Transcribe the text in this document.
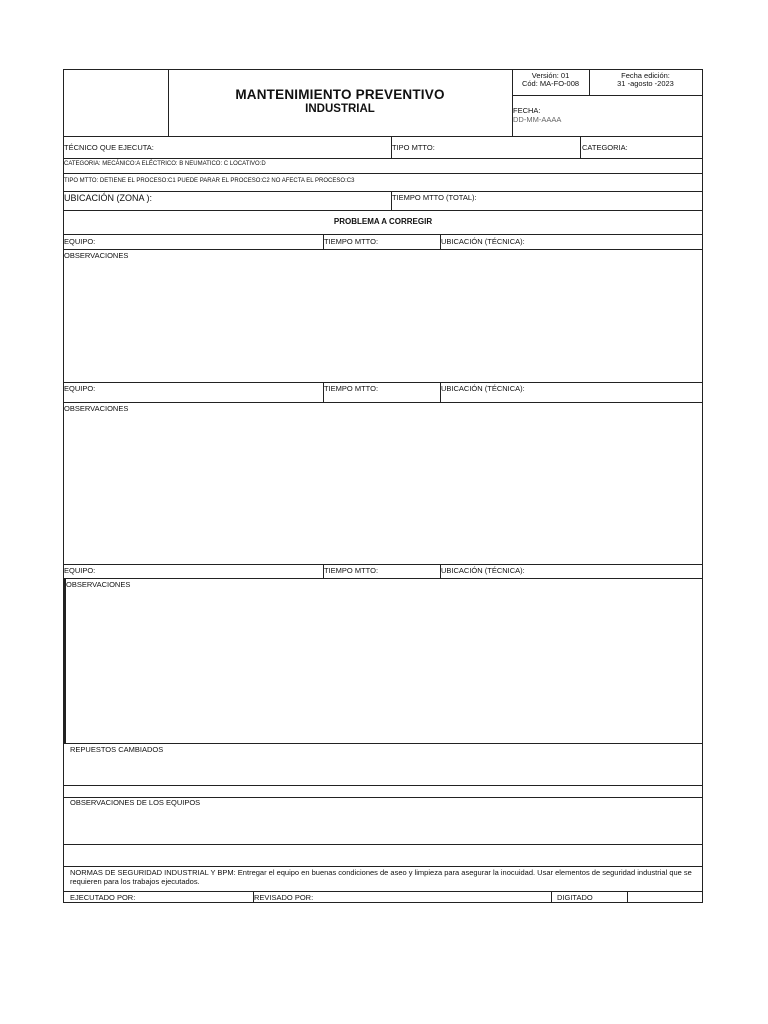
MANTENIMIENTO PREVENTIVO
INDUSTRIAL
Versión: 01
Cód: MA-FO-008
Fecha edición:
31 -agosto -2023
FECHA:
DD-MM-AAAA
TÉCNICO QUE EJECUTA:	TIPO MTTO:	CATEGORIA:
CATEGORIA: MECÁNICO:A ELÉCTRICO: B NEUMATICO: C LOCATIVO:D
TIPO MTTO: DETIENE EL PROCESO:C1 PUEDE PARAR EL PROCESO:C2 NO AFECTA EL PROCESO:C3
UBICACIÓN (ZONA ):	TIEMPO MTTO (TOTAL):
PROBLEMA A CORREGIR
EQUIPO:	TIEMPO MTTO:	UBICACIÓN (TÉCNICA):
OBSERVACIONES
EQUIPO:	TIEMPO MTTO:	UBICACIÓN (TÉCNICA):
OBSERVACIONES
EQUIPO:	TIEMPO MTTO:	UBICACIÓN (TÉCNICA):
OBSERVACIONES
REPUESTOS CAMBIADOS
OBSERVACIONES DE LOS EQUIPOS
NORMAS DE SEGURIDAD INDUSTRIAL Y BPM: Entregar el equipo en buenas condiciones de aseo y limpieza para asegurar la inocuidad. Usar elementos de seguridad industrial que se requieren para los trabajos ejecutados.
EJECUTADO POR:	REVISADO POR:	DIGITADO
